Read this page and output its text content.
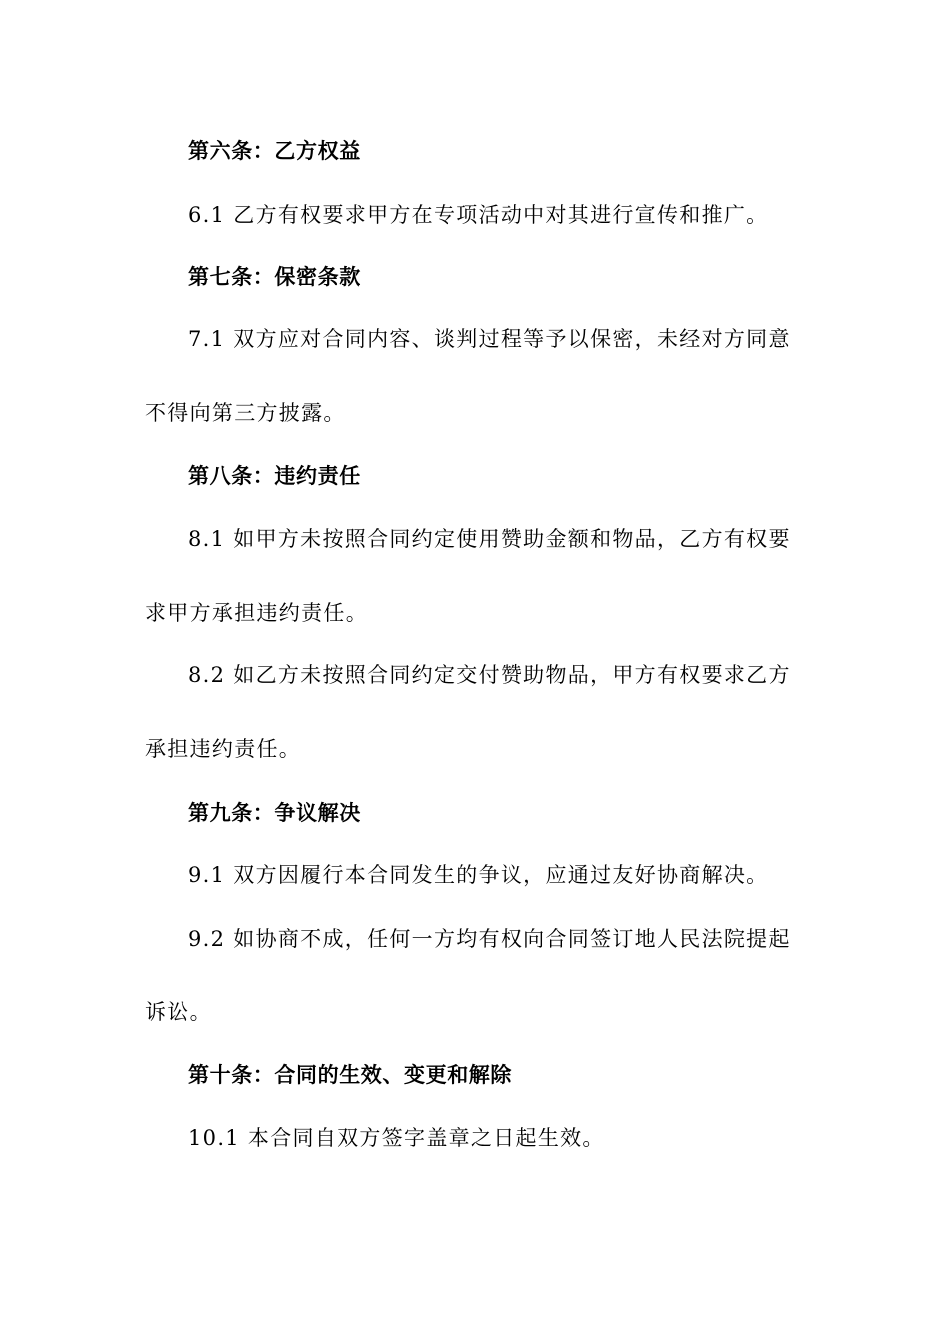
第六条：乙方权益
6.1 乙方有权要求甲方在专项活动中对其进行宣传和推广。
第七条：保密条款
7.1 双方应对合同内容、谈判过程等予以保密，未经对方同意
不得向第三方披露。
第八条：违约责任
8.1 如甲方未按照合同约定使用赞助金额和物品，乙方有权要
求甲方承担违约责任。
8.2 如乙方未按照合同约定交付赞助物品，甲方有权要求乙方
承担违约责任。
第九条：争议解决
9.1 双方因履行本合同发生的争议，应通过友好协商解决。
9.2 如协商不成，任何一方均有权向合同签订地人民法院提起
诉讼。
第十条：合同的生效、变更和解除
10.1 本合同自双方签字盖章之日起生效。
